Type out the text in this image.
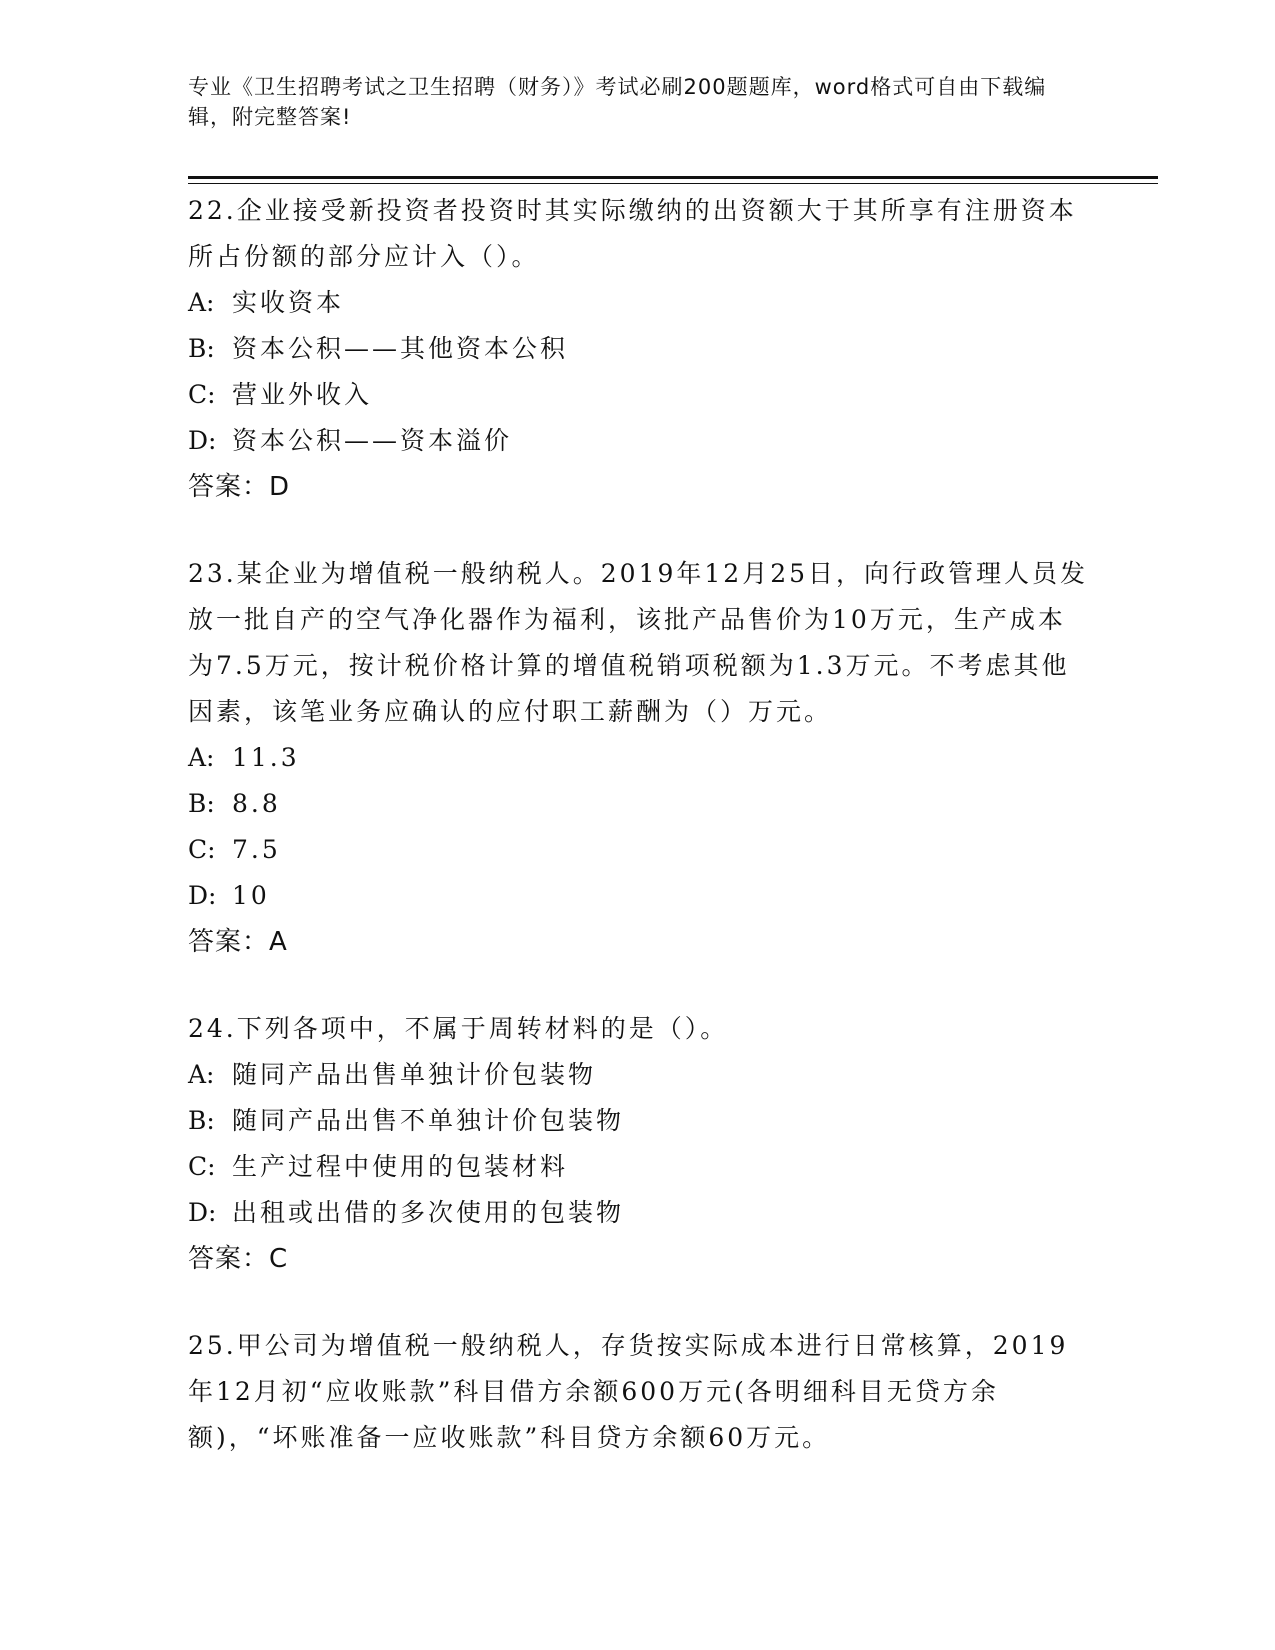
专业《卫生招聘考试之卫生招聘（财务）》考试必刷200题题库，word格式可自由下载编辑，附完整答案!
22.企业接受新投资者投资时其实际缴纳的出资额大于其所享有注册资本所占份额的部分应计入（）。
A: 实收资本
B: 资本公积——其他资本公积
C: 营业外收入
D: 资本公积——资本溢价
答案：D
23.某企业为增值税一般纳税人。2019年12月25日，向行政管理人员发放一批自产的空气净化器作为福利，该批产品售价为10万元，生产成本为7.5万元，按计税价格计算的增值税销项税额为1.3万元。不考虑其他因素，该笔业务应确认的应付职工薪酬为（）万元。
A: 11.3
B: 8.8
C: 7.5
D: 10
答案：A
24.下列各项中，不属于周转材料的是（）。
A: 随同产品出售单独计价包装物
B: 随同产品出售不单独计价包装物
C: 生产过程中使用的包装材料
D: 出租或出借的多次使用的包装物
答案：C
25.甲公司为增值税一般纳税人，存货按实际成本进行日常核算，2019年12月初“应收账款”科目借方余额600万元(各明细科目无贷方余额)，“坏账准备一应收账款”科目贷方余额60万元。
